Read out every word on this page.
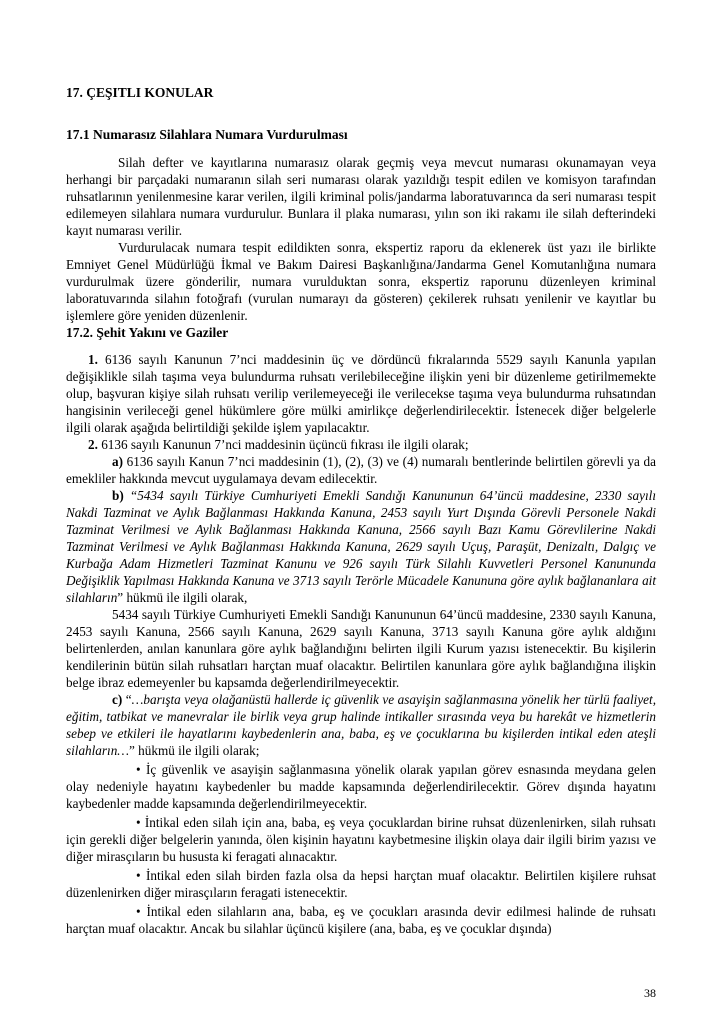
17. ÇEŞITLI KONULAR
17.1 Numarasız Silahlara Numara Vurdurulması

Silah defter ve kayıtlarına numarasız olarak geçmiş veya mevcut numarası okunamayan veya herhangi bir parçadaki numaranın silah seri numarası olarak yazıldığı tespit edilen ve komisyon tarafından ruhsatlarının yenilenmesine karar verilen, ilgili kriminal polis/jandarma laboratuvarınca da seri numarası tespit edilemeyen silahlara numara vurdurulur. Bunlara il plaka numarası, yılın son iki rakamı ile silah defterindeki kayıt numarası verilir.

Vurdurulacak numara tespit edildikten sonra, ekspertiz raporu da eklenerek üst yazı ile birlikte Emniyet Genel Müdürlüğü İkmal ve Bakım Dairesi Başkanlığına/Jandarma Genel Komutanlığına numara vurdurulmak üzere gönderilir, numara vurulduktan sonra, ekspertiz raporunu düzenleyen kriminal laboratuvarında silahın fotoğrafı (vurulan numarayı da gösteren) çekilerek ruhsatı yenilenir ve kayıtlar bu işlemlere göre yeniden düzenlenir.

17.2. Şehit Yakını ve Gaziler

1. 6136 sayılı Kanunun 7’nci maddesinin üç ve dördüncü fıkralarında 5529 sayılı Kanunla yapılan değişiklikle silah taşıma veya bulundurma ruhsatı verilebileceğine ilişkin yeni bir düzenleme getirilmemekte olup, başvuran kişiye silah ruhsatı verilip verilemeyeceği ile verilecekse taşıma veya bulundurma ruhsatından hangisinin verileceği genel hükümlere göre mülki amirlikçe değerlendirilecektir. İstenecek diğer belgelerle ilgili olarak aşağıda belirtildiği şekilde işlem yapılacaktır.

2. 6136 sayılı Kanunun 7’nci maddesinin üçüncü fıkrası ile ilgili olarak;

a) 6136 sayılı Kanun 7’nci maddesinin (1), (2), (3) ve (4) numaralı bentlerinde belirtilen görevli ya da emekliler hakkında mevcut uygulamaya devam edilecektir.

b) “5434 sayılı Türkiye Cumhuriyeti Emekli Sandığı Kanununun 64’üncü maddesine, 2330 sayılı Nakdi Tazminat ve Aylık Bağlanması Hakkında Kanuna, 2453 sayılı Yurt Dışında Görevli Personele Nakdi Tazminat Verilmesi ve Aylık Bağlanması Hakkında Kanuna, 2566 sayılı Bazı Kamu Görevlilerine Nakdi Tazminat Verilmesi ve Aylık Bağlanması Hakkında Kanuna, 2629 sayılı Uçuş, Paraşüt, Denizaltı, Dalgıç ve Kurbağa Adam Hizmetleri Tazminat Kanunu ve 926 sayılı Türk Silahlı Kuvvetleri Personel Kanununda Değişiklik Yapılması Hakkında Kanuna ve 3713 sayılı Terörle Mücadele Kanununa göre aylık bağlananlara ait silahların” hükmü ile ilgili olarak,

5434 sayılı Türkiye Cumhuriyeti Emekli Sandığı Kanununun 64’üncü maddesine, 2330 sayılı Kanuna, 2453 sayılı Kanuna, 2566 sayılı Kanuna, 2629 sayılı Kanuna, 3713 sayılı Kanuna göre aylık aldığını belirtenlerden, anılan kanunlara göre aylık bağlandığını belirten ilgili Kurum yazısı istenecektir. Bu kişilerin kendilerinin bütün silah ruhsatları harçtan muaf olacaktır. Belirtilen kanunlara göre aylık bağlandığına ilişkin belge ibraz edemeyenler bu kapsamda değerlendirilmeyecektir.

c) “…barışta veya olağanüstü hallerde iç güvenlik ve asayişin sağlanmasına yönelik her türlü faaliyet, eğitim, tatbikat ve manevralar ile birlik veya grup halinde intikaller sırasında veya bu harekât ve hizmetlerin sebep ve etkileri ile hayatlarını kaybedenlerin ana, baba, eş ve çocuklarına bu kişilerden intikal eden ateşli silahların…” hükmü ile ilgili olarak;

• İç güvenlik ve asayişin sağlanmasına yönelik olarak yapılan görev esnasında meydana gelen olay nedeniyle hayatını kaybedenler bu madde kapsamında değerlendirilecektir. Görev dışında hayatını kaybedenler madde kapsamında değerlendirilmeyecektir.

• İntikal eden silah için ana, baba, eş veya çocuklardan birine ruhsat düzenlenirken, silah ruhsatı için gerekli diğer belgelerin yanında, ölen kişinin hayatını kaybetmesine ilişkin olaya dair ilgili birim yazısı ve diğer mirasçıların bu hususta ki feragati alınacaktır.

• İntikal eden silah birden fazla olsa da hepsi harçtan muaf olacaktır. Belirtilen kişilere ruhsat düzenlenirken diğer mirasçıların feragati istenecektir.

• İntikal eden silahların ana, baba, eş ve çocukları arasında devir edilmesi halinde de ruhsatı harçtan muaf olacaktır. Ancak bu silahlar üçüncü kişilere (ana, baba, eş ve çocuklar dışında)

38
